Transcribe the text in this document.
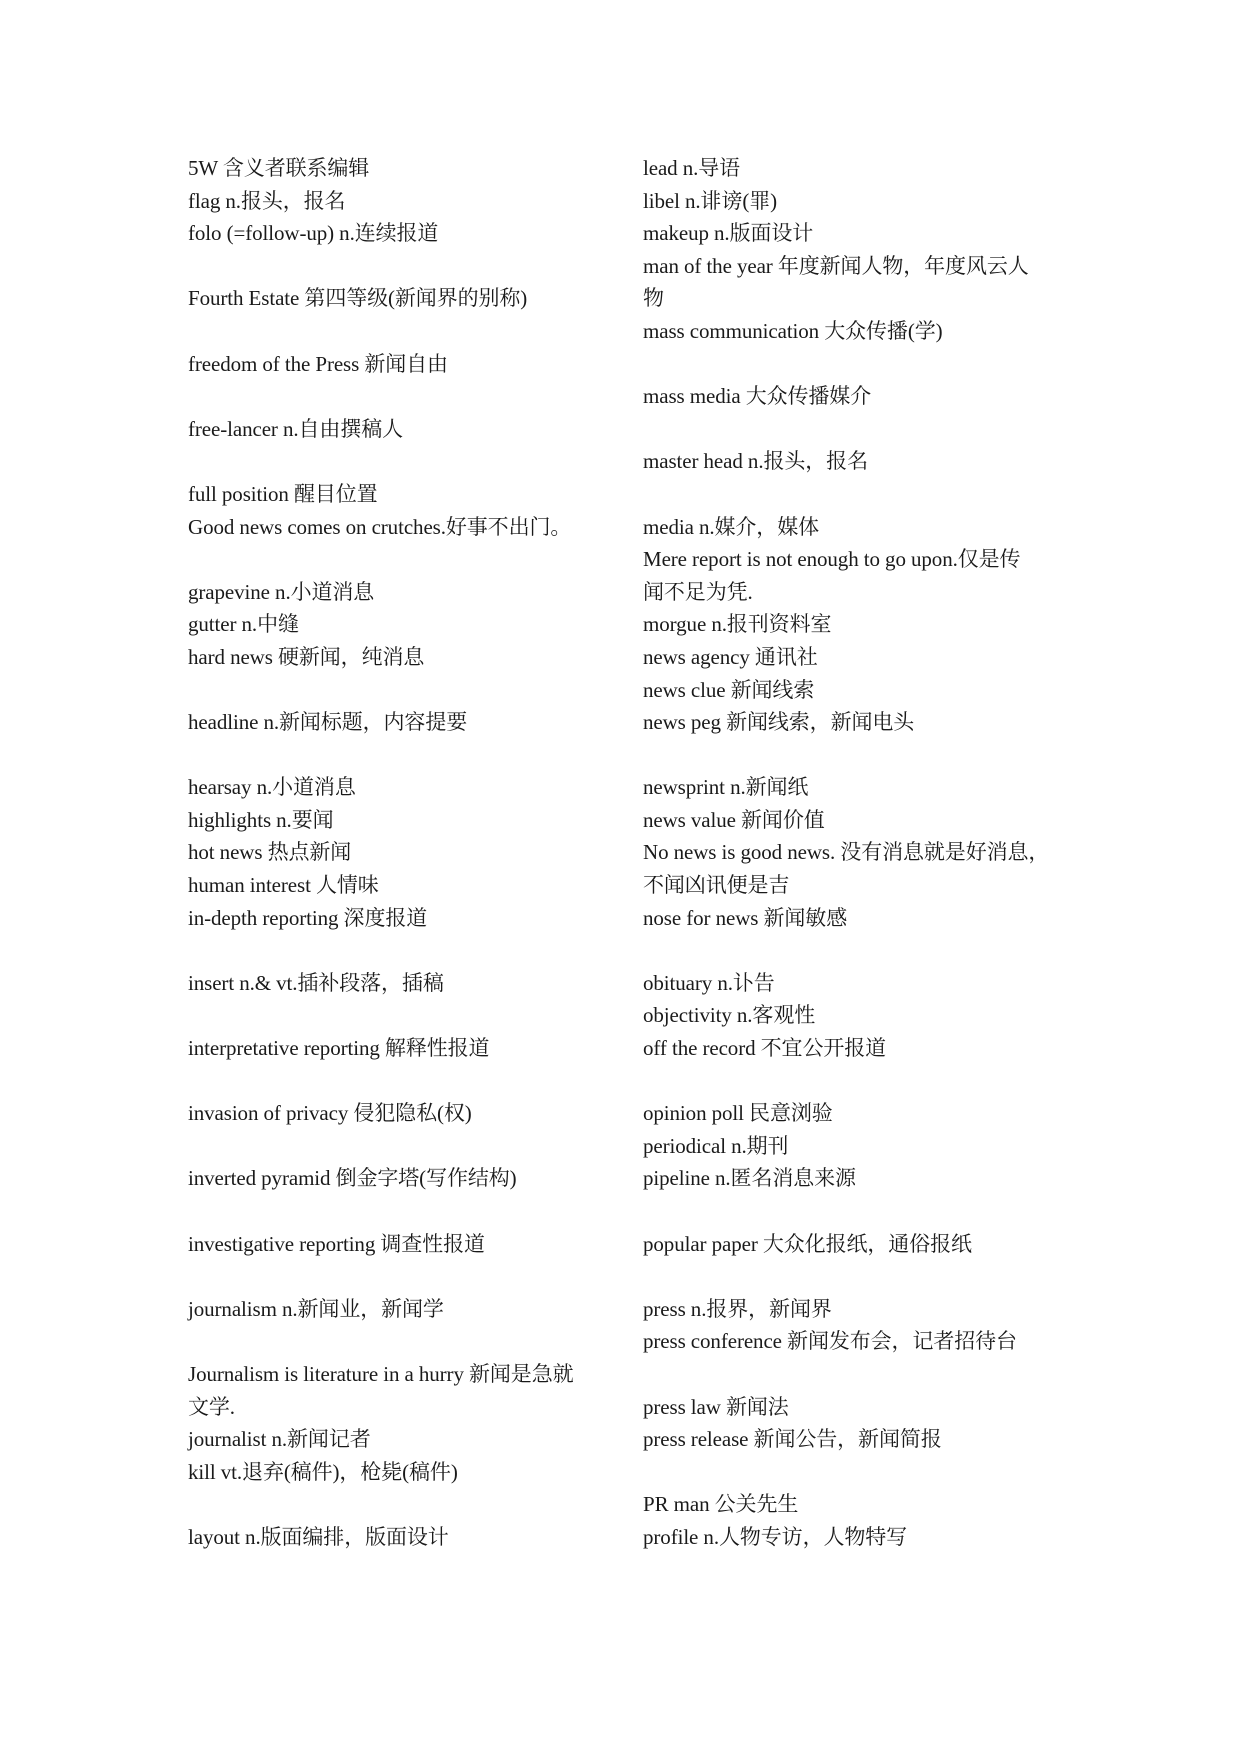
5W 含义者联系编辑
flag n.报头，报名
folo (=follow-up) n.连续报道
Fourth Estate 第四等级(新闻界的别称)
freedom of the Press 新闻自由
free-lancer n.自由撰稿人
full position 醒目位置
Good news comes on crutches.好事不出门。
grapevine n.小道消息
gutter n.中缝
hard news 硬新闻，纯消息
headline n.新闻标题，内容提要
hearsay n.小道消息
highlights n.要闻
hot news 热点新闻
human interest 人情味
in-depth reporting 深度报道
insert n.& vt.插补段落，插稿
interpretative reporting 解释性报道
invasion of privacy 侵犯隐私(权)
inverted pyramid 倒金字塔(写作结构)
investigative reporting 调查性报道
journalism n.新闻业，新闻学
Journalism is literature in a hurry 新闻是急就
文学.
journalist n.新闻记者
kill vt.退弃(稿件)，枪毙(稿件)
layout n.版面编排，版面设计
lead n.导语
libel n.诽谤(罪)
makeup n.版面设计
man of the year 年度新闻人物，年度风云人
物
mass communication 大众传播(学)
mass media 大众传播媒介
master head n.报头，报名
media n.媒介，媒体
Mere report is not enough to go upon.仅是传
闻不足为凭.
morgue n.报刊资料室
news agency 通讯社
news clue 新闻线索
news peg 新闻线索，新闻电头
newsprint n.新闻纸
news value 新闻价值
No news is good news. 没有消息就是好消息，
不闻凶讯便是吉
nose for news 新闻敏感
obituary n.讣告
objectivity n.客观性
off the record 不宜公开报道
opinion poll 民意浏验
periodical n.期刊
pipeline n.匿名消息来源
popular paper 大众化报纸，通俗报纸
press n.报界，新闻界
press conference 新闻发布会，记者招待台
press law 新闻法
press release 新闻公告，新闻简报
PR man 公关先生
profile n.人物专访，人物特写
